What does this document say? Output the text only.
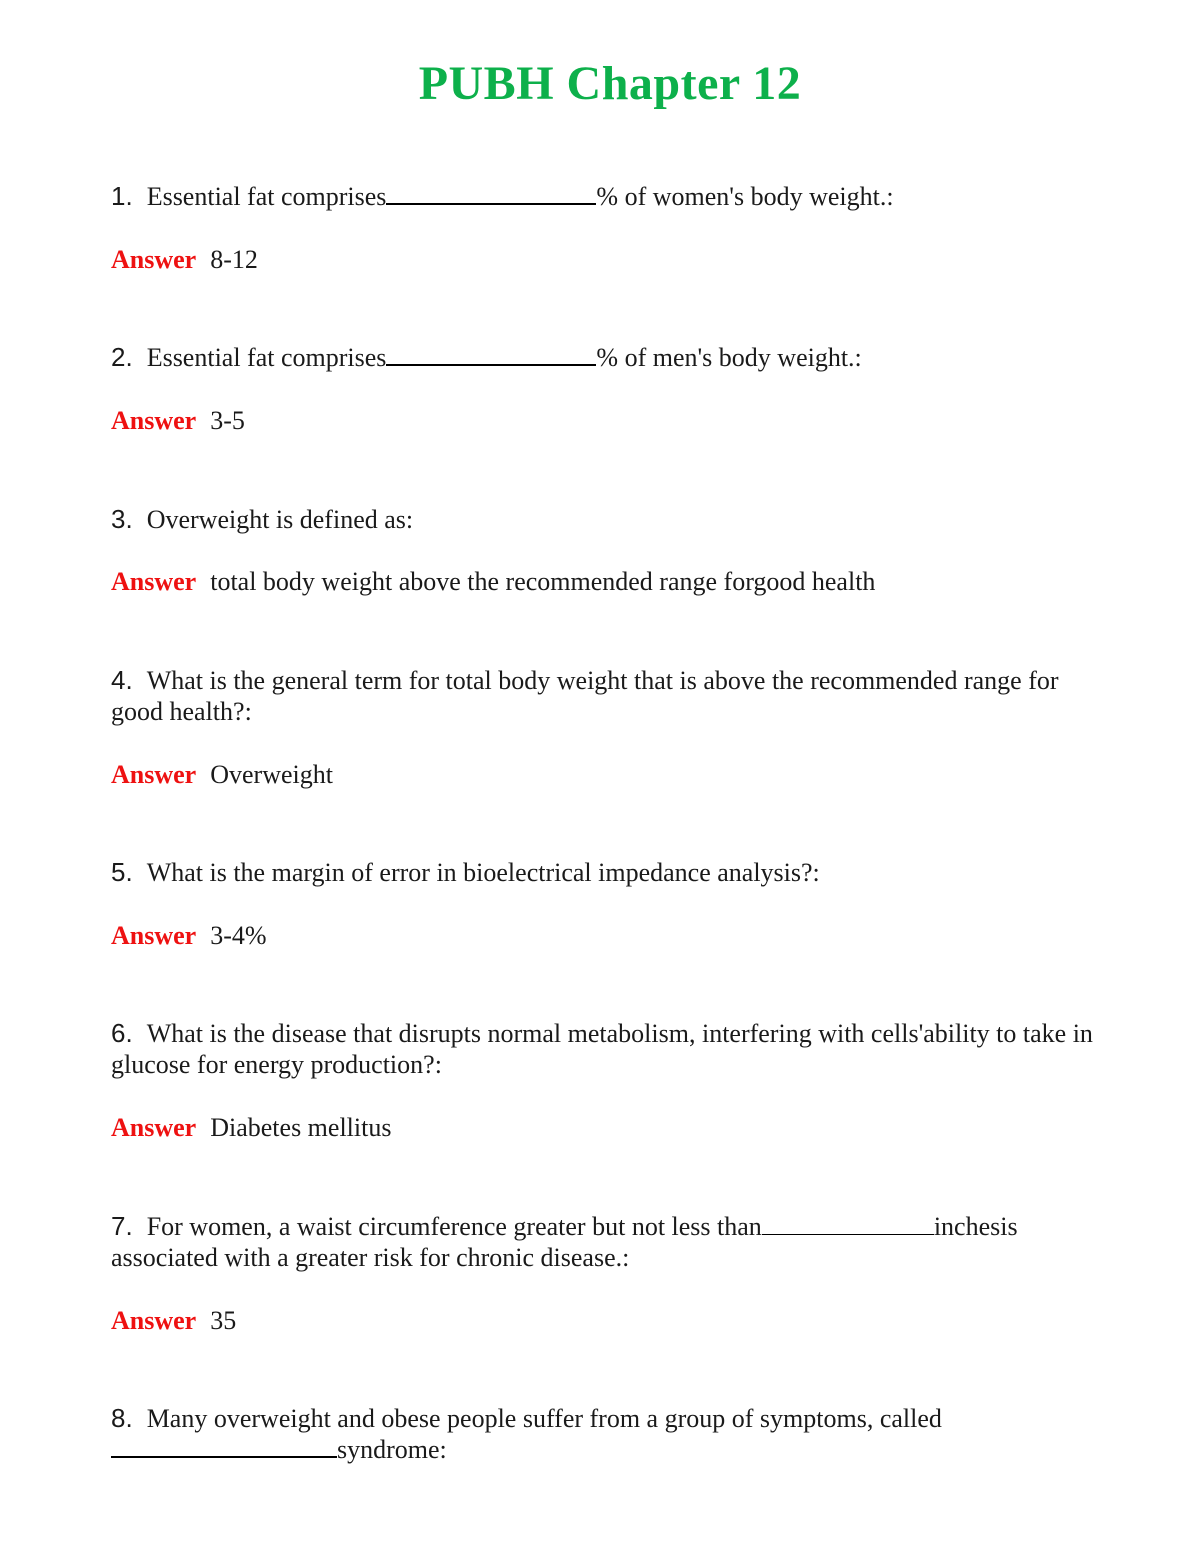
PUBH Chapter 12
1. Essential fat comprises	% of women's body weight.:
Answer 8-12
2. Essential fat comprises	% of men's body weight.:
Answer 3-5
3. Overweight is defined as:
Answer total body weight above the recommended range forgood health
4. What is the general term for total body weight that is above the recommended range for good health?:
Answer Overweight
5. What is the margin of error in bioelectrical impedance analysis?:
Answer 3-4%
6. What is the disease that disrupts normal metabolism, interfering with cells'ability to take in glucose for energy production?:
Answer Diabetes mellitus
7. For women, a waist circumference greater but not less than	inchesis associated with a greater risk for chronic disease.:
Answer 35
8. Many overweight and obese people suffer from a group of symptoms, called
syndrome:
